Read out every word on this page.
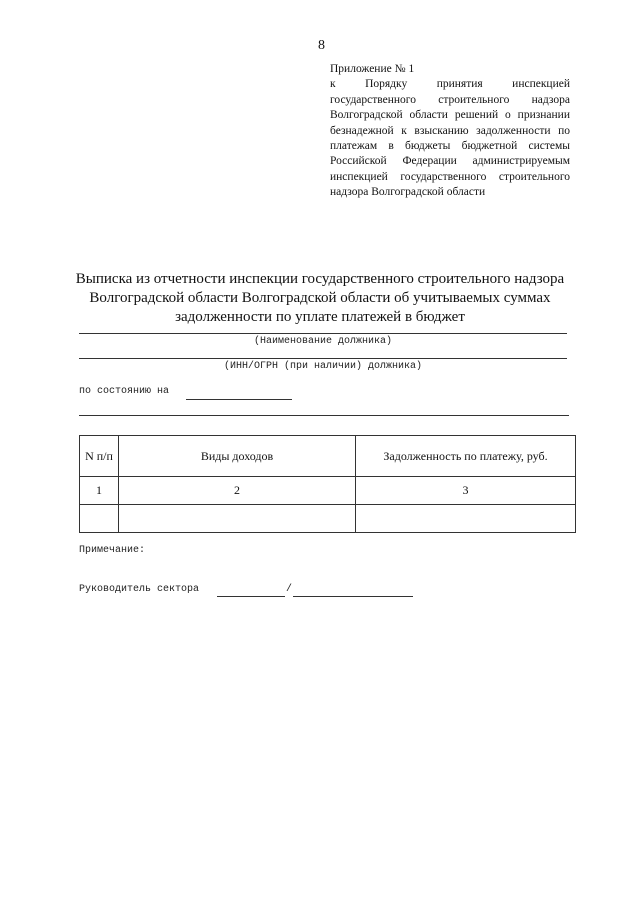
8
Приложение № 1
к Порядку принятия инспекцией государственного строительного надзора Волгоградской области решений о признании безнадежной к взысканию задолженности по платежам в бюджеты бюджетной системы Российской Федерации администрируемым инспекцией государственного строительного надзора Волгоградской области
Выписка из отчетности инспекции государственного строительного надзора Волгоградской области Волгоградской области об учитываемых суммах задолженности по уплате платежей в бюджет
(Наименование должника)
(ИНН/ОГРН (при наличии) должника)
по состоянию на
N п/п	Виды доходов	Задолженность по платежу, руб.
1	2	3

Примечание:
Руководитель сектора	/
